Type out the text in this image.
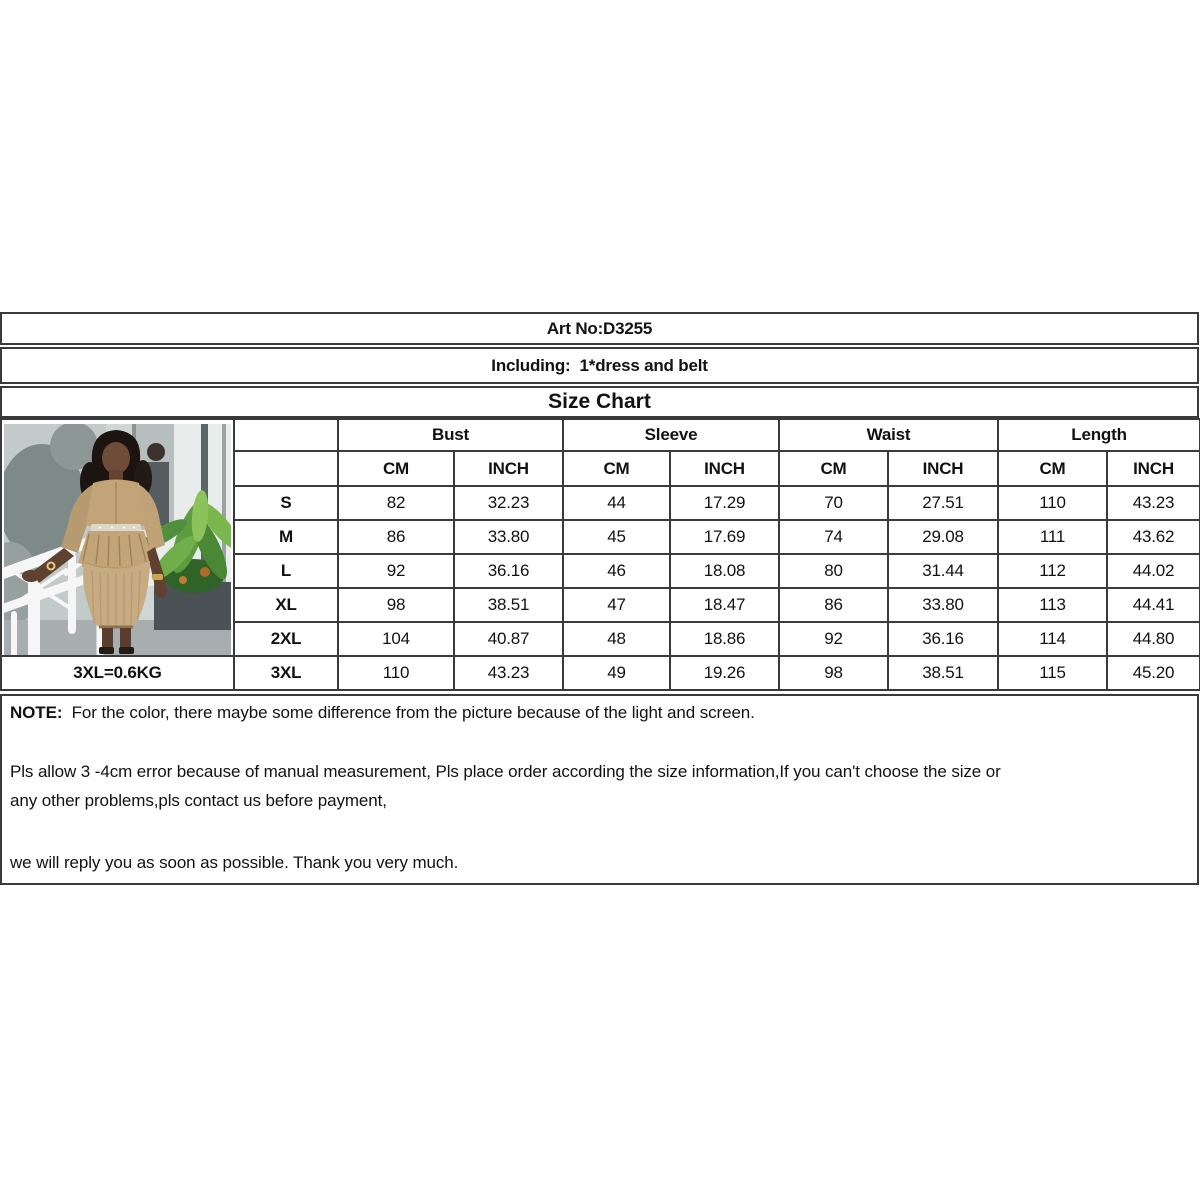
Art No:D3255
Including:  1*dress and belt
Size Chart
		Bust		Sleeve		Waist		Length	
		CM	INCH	CM	INCH	CM	INCH	CM	INCH
	S	82	32.23	44	17.29	70	27.51	110	43.23
	M	86	33.80	45	17.69	74	29.08	111	43.62
	L	92	36.16	46	18.08	80	31.44	112	44.02
	XL	98	38.51	47	18.47	86	33.80	113	44.41
	2XL	104	40.87	48	18.86	92	36.16	114	44.80
3XL=0.6KG	3XL	110	43.23	49	19.26	98	38.51	115	45.20

NOTE:  For the color, there maybe some difference from the picture because of the light and screen.

Pls allow 3 -4cm error because of manual measurement, Pls place order according the size information,If you can't choose the size or
any other problems,pls contact us before payment,
we will reply you as soon as possible. Thank you very much.
